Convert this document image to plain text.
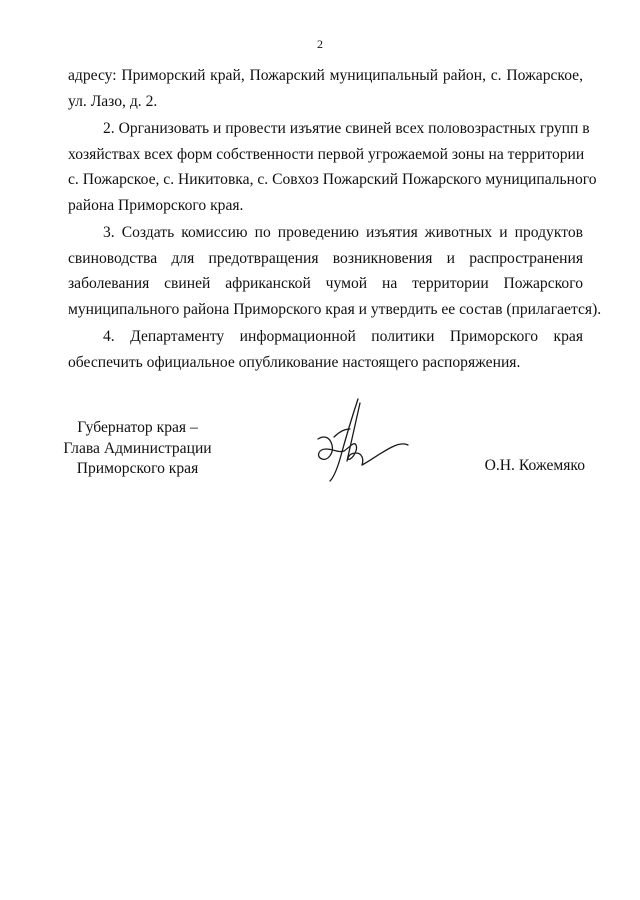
2
адресу: Приморский край, Пожарский муниципальный район, с. Пожарское,
ул. Лазо, д. 2.
2. Организовать и провести изъятие свиней всех половозрастных групп в
хозяйствах всех форм собственности первой угрожаемой зоны на территории
с. Пожарское, с. Никитовка, с. Совхоз Пожарский Пожарского муниципального
района Приморского края.
3. Создать комиссию по проведению изъятия животных и продуктов
свиноводства для предотвращения возникновения и распространения
заболевания свиней африканской чумой на территории Пожарского
муниципального района Приморского края и утвердить ее состав (прилагается).
4. Департаменту информационной политики Приморского края
обеспечить официальное опубликование настоящего распоряжения.
Губернатор края –
Глава Администрации
Приморского края	О.Н. Кожемяко
